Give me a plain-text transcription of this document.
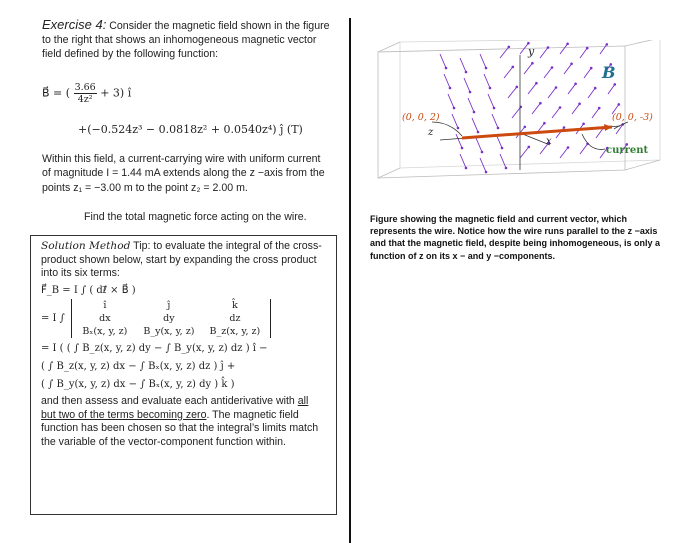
Exercise 4: Consider the magnetic field shown in the figure to the right that shows an inhomogeneous magnetic vector field defined by the following function:
B⃗ = ( $\frac{3.66}{\text{4z²}} + 3$) î
+(−0.524z³ − 0.0818z² + 0.0540z⁴) ĵ (T)
Within this field, a current-carrying wire with uniform current of magnitude I = 1.44 mA extends along the z −axis from the points z₁ = −3.00 m to the point z₂ = 2.00 m.
Find the total magnetic force acting on the wire.

Solution Method Tip: to evaluate the integral of the cross-product shown below, start by expanding the cross product into its six terms:

F⃗_B = I ∫ ( dℓ⃗ × B⃗ )

= I ∫
î	ĵ	k̂
dx	dy	dz
Bₓ(x, y, z)	B_y(x, y, z)	B_z(x, y, z)

= I ( ( ∫ B_z(x, y, z) dy − ∫ B_y(x, y, z) dz ) î −

( ∫ B_z(x, y, z) dx − ∫ Bₓ(x, y, z) dz ) ĵ +

( ∫ B_y(x, y, z) dx − ∫ Bₓ(x, y, z) dy ) k̂ )

and then assess and evaluate each antiderivative with all but two of the terms becoming zero. The magnetic field function has been chosen so that the integral’s limits match the variable of the vector-component function within.

y
z
x
B
(0, 0, 2)	(0, 0, -3)
current
Figure showing the magnetic field and current vector, which represents the wire. Notice how the wire runs parallel to the z −axis and that the magnetic field, despite being inhomogeneous, is only a function of z on its x − and y −components.
